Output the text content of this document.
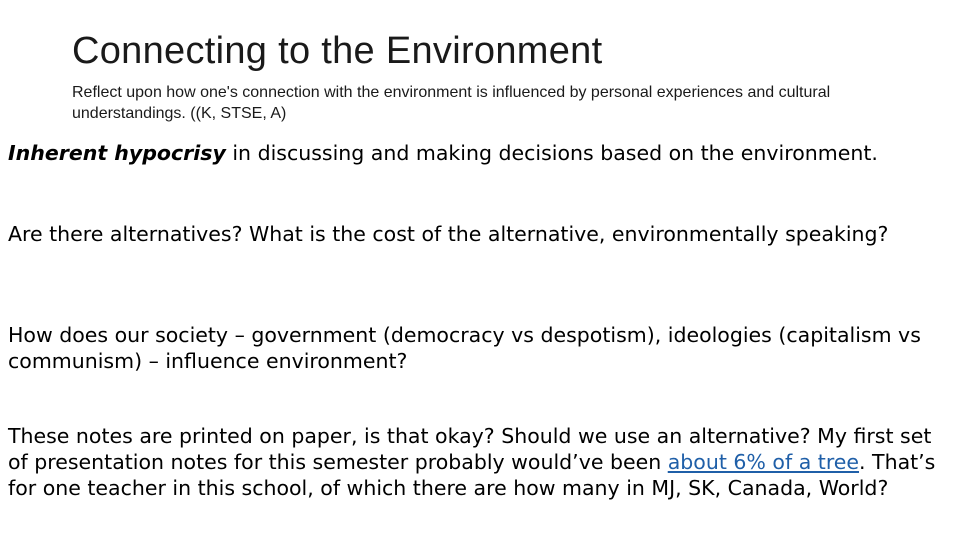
Connecting to the Environment
Reflect upon how one's connection with the environment is influenced by personal experiences and cultural understandings. ((K, STSE, A)
Inherent hypocrisy in discussing and making decisions based on the environment.
Are there alternatives? What is the cost of the alternative, environmentally speaking?
How does our society – government (democracy vs despotism), ideologies (capitalism vs communism) – influence environment?
These notes are printed on paper, is that okay? Should we use an alternative? My first set of presentation notes for this semester probably would’ve been about 6% of a tree. That’s for one teacher in this school, of which there are how many in MJ, SK, Canada, World?
